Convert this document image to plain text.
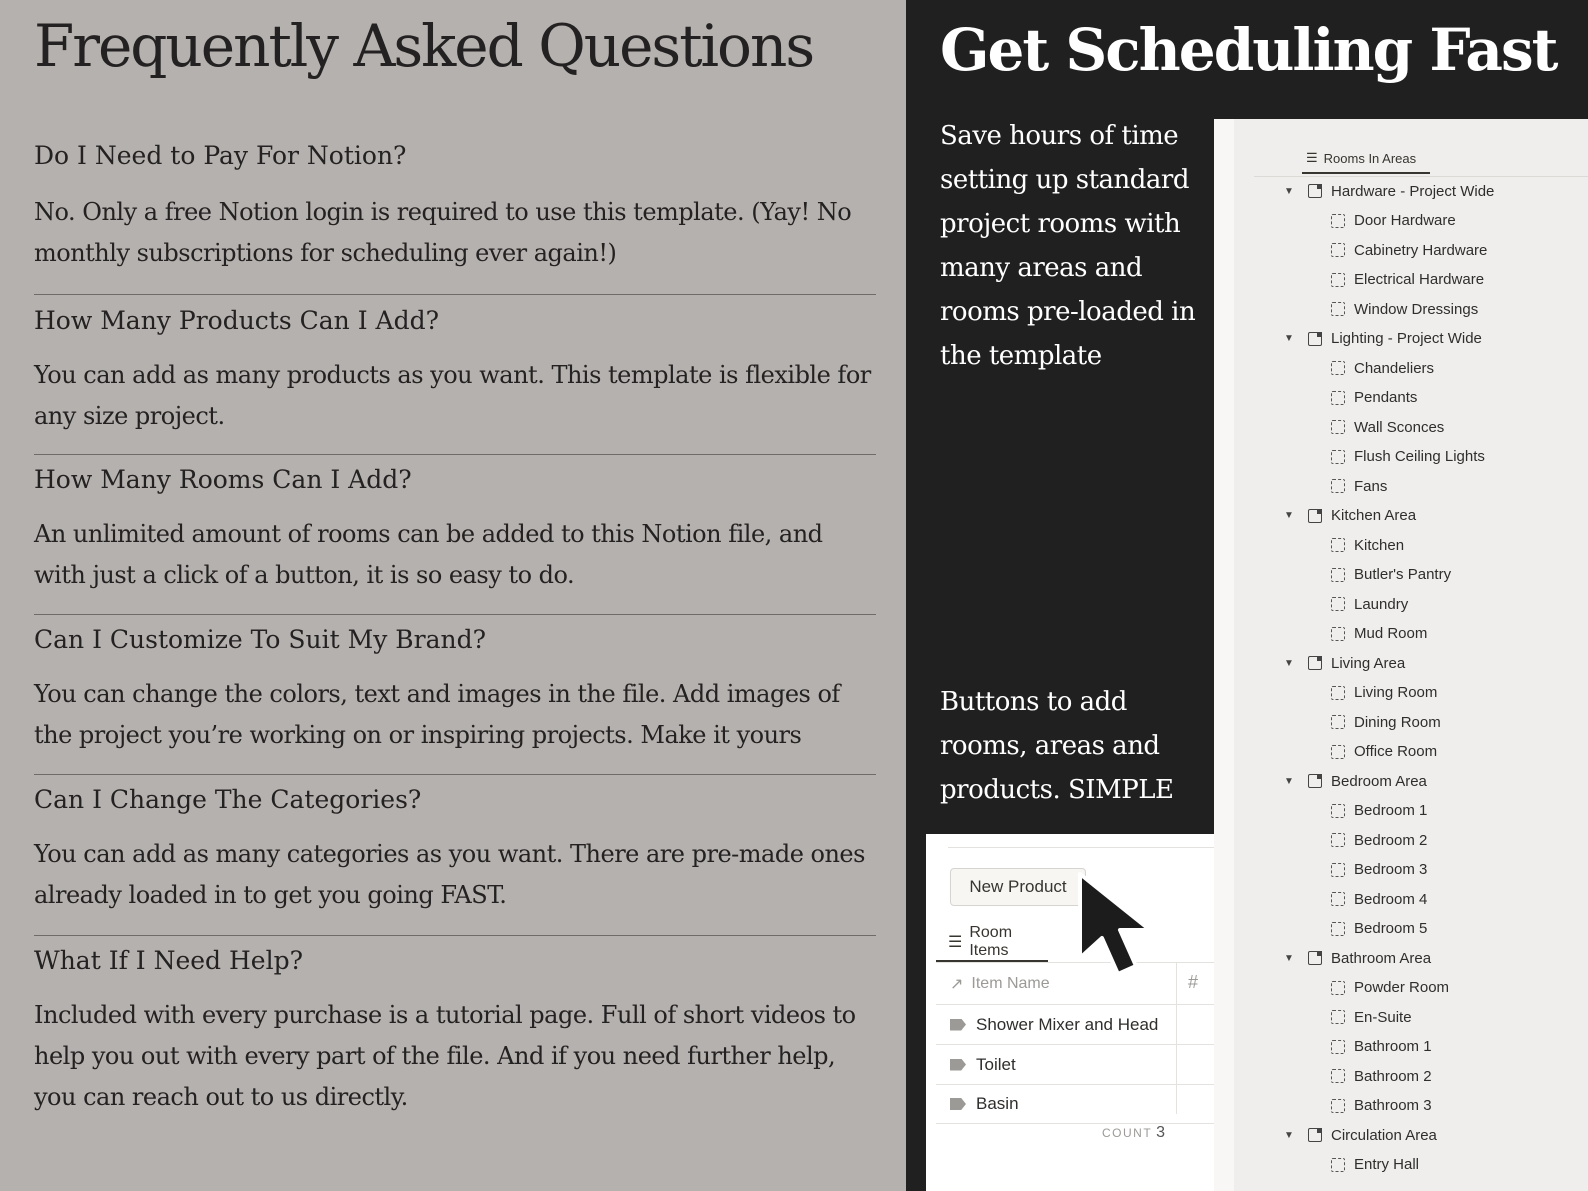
Frequently Asked Questions
Do I Need to Pay For Notion?
No. Only a free Notion login is required to use this template. (Yay! No monthly subscriptions for scheduling ever again!)
How Many Products Can I Add?
You can add as many products as you want. This template is flexible for any size project.
How Many Rooms Can I Add?
An unlimited amount of rooms can be added to this Notion file, and with just a click of a button, it is so easy to do.
Can I Customize To Suit My Brand?
You can change the colors, text and images in the file. Add images of the project you’re working on or inspiring projects. Make it yours
Can I Change The Categories?
You can add as many categories as you want. There are pre-made ones already loaded in to get you going FAST.
What If I Need Help?
Included with every purchase is a tutorial page. Full of short videos to help you out with every part of the file. And if you need further help, you can reach out to us directly.
Get Scheduling Fast

Save hours of time setting up standard project rooms with many areas and rooms pre-loaded in the template

Buttons to add rooms, areas and products. SIMPLE

☰ Rooms In Areas
▼ Hardware - Project Wide
Door Hardware
Cabinetry Hardware
Electrical Hardware
Window Dressings
▼ Lighting - Project Wide
Chandeliers
Pendants
Wall Sconces
Flush Ceiling Lights
Fans
▼ Kitchen Area
Kitchen
Butler's Pantry
Laundry
Mud Room
▼ Living Area
Living Room
Dining Room
Office Room
▼ Bedroom Area
Bedroom 1
Bedroom 2
Bedroom 3
Bedroom 4
Bedroom 5
▼ Bathroom Area
Powder Room
En-Suite
Bathroom 1
Bathroom 2
Bathroom 3
▼ Circulation Area
Entry Hall
New Product
☰
Room Items
↗ Item Name	#
Shower Mixer and Head
Toilet
Basin
COUNT 3
